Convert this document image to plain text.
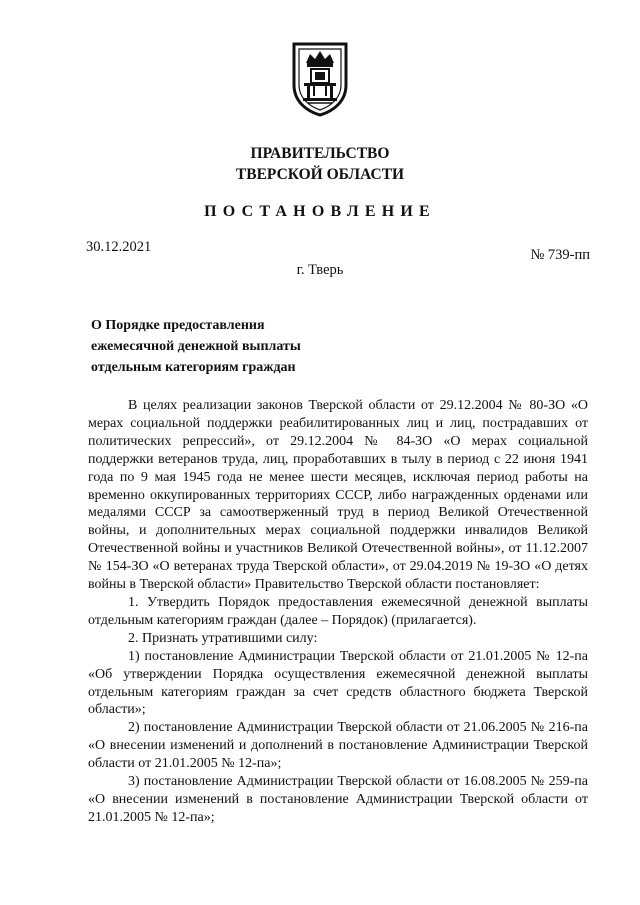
ПРАВИТЕЛЬСТВО
ТВЕРСКОЙ ОБЛАСТИ
ПОСТАНОВЛЕНИЕ
30.12.2021	№ 739-пп
г. Тверь
О Порядке предоставления
ежемесячной денежной выплаты
отдельным категориям граждан

В целях реализации законов Тверской области от 29.12.2004 № 80-ЗО «О мерах социальной поддержки реабилитированных лиц и лиц, пострадавших от политических репрессий», от 29.12.2004 № 84-ЗО «О мерах социальной поддержки ветеранов труда, лиц, проработавших в тылу в период с 22 июня 1941 года по 9 мая 1945 года не менее шести месяцев, исключая период работы на временно оккупированных территориях СССР, либо награжденных орденами или медалями СССР за самоотверженный труд в период Великой Отечественной войны, и дополнительных мерах социальной поддержки инвалидов Великой Отечественной войны и участников Великой Отечественной войны», от 11.12.2007 № 154-ЗО «О ветеранах труда Тверской области», от 29.04.2019 № 19-ЗО «О детях войны в Тверской области» Правительство Тверской области постановляет:

1. Утвердить Порядок предоставления ежемесячной денежной выплаты отдельным категориям граждан (далее – Порядок) (прилагается).

2. Признать утратившими силу:

1) постановление Администрации Тверской области от 21.01.2005 № 12-па «Об утверждении Порядка осуществления ежемесячной денежной выплаты отдельным категориям граждан за счет средств областного бюджета Тверской области»;

2) постановление Администрации Тверской области от 21.06.2005 № 216-па «О внесении изменений и дополнений в постановление Администрации Тверской области от 21.01.2005 № 12-па»;

3) постановление Администрации Тверской области от 16.08.2005 № 259-па «О внесении изменений в постановление Администрации Тверской области от 21.01.2005 № 12-па»;
